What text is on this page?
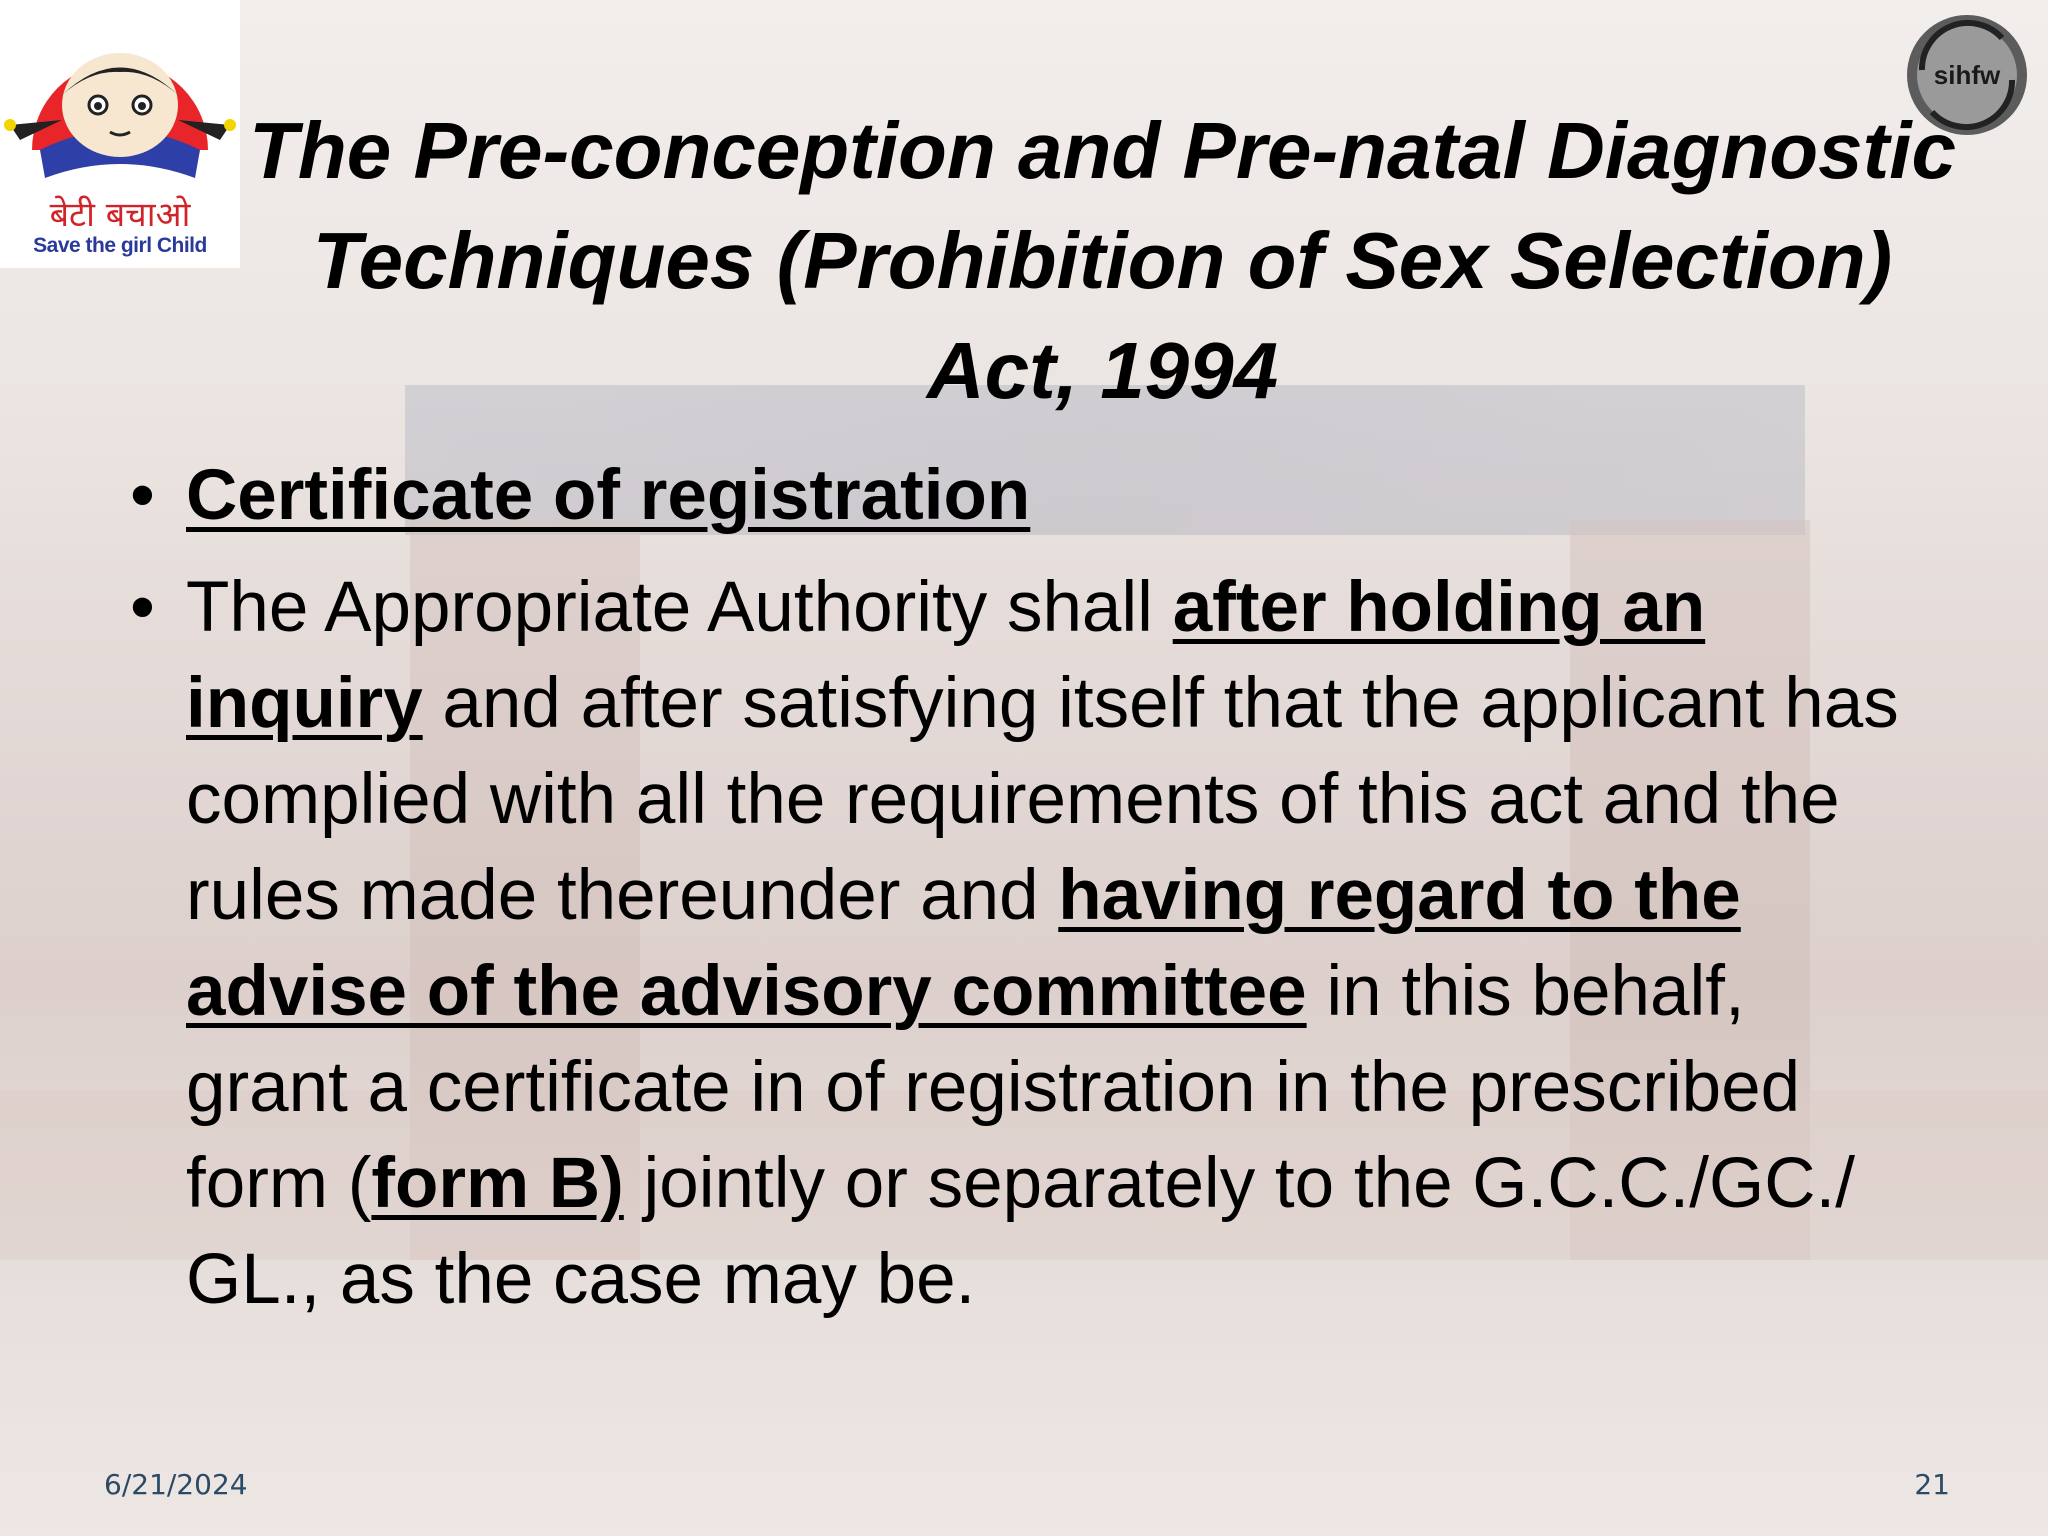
बेटी बचाओ
Save the girl Child
sihfw
The Pre-conception and Pre-natal Diagnostic Techniques (Prohibition of Sex Selection) Act, 1994
• Certificate of registration
• The Appropriate Authority shall after holding an inquiry and after satisfying itself that the applicant has complied with all the requirements of this act and the rules made thereunder and having regard to the advise of the advisory committee in this behalf, grant a certificate in of registration in the prescribed form (form B) jointly or separately to the G.C.C./GC./ GL., as the case may be.
6/21/2024	21
